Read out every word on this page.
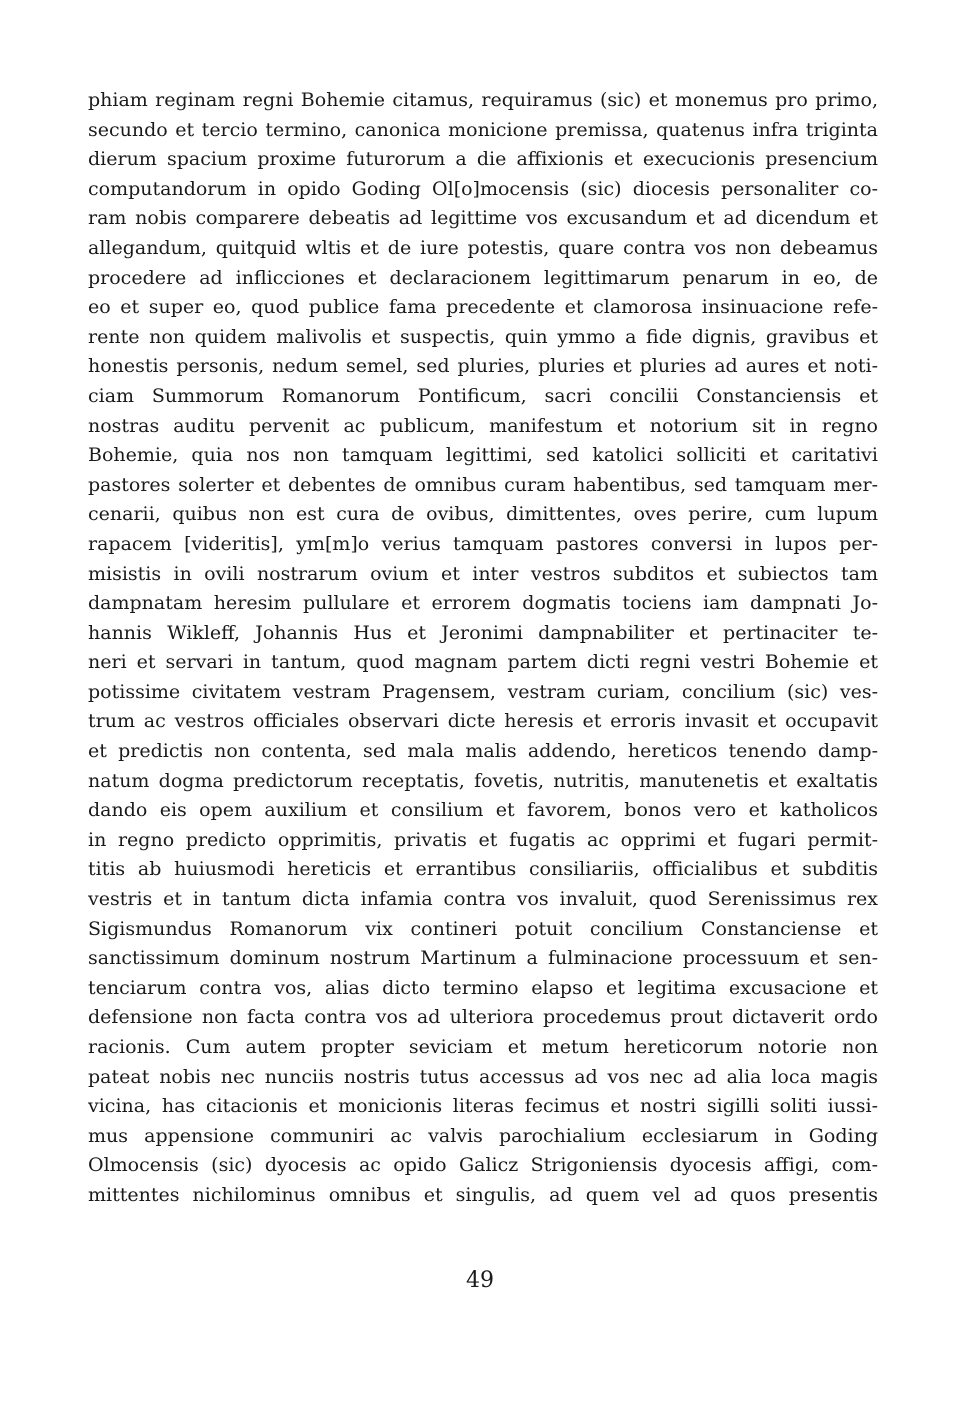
phiam reginam regni Bohemie citamus, requiramus (sic) et monemus pro primo,
secundo et tercio termino, canonica monicione premissa, quatenus infra triginta
dierum spacium proxime futurorum a die affixionis et execucionis presencium
computandorum in opido Goding Ol[o]mocensis (sic) diocesis personaliter co-
ram nobis comparere debeatis ad legittime vos excusandum et ad dicendum et
allegandum, quitquid wltis et de iure potestis, quare contra vos non debeamus
procedere ad inflicciones et declaracionem legittimarum penarum in eo, de
eo et super eo, quod publice fama precedente et clamorosa insinuacione refe-
rente non quidem malivolis et suspectis, quin ymmo a fide dignis, gravibus et
honestis personis, nedum semel, sed pluries, pluries et pluries ad aures et noti-
ciam Summorum Romanorum Pontificum, sacri concilii Constanciensis et
nostras auditu pervenit ac publicum, manifestum et notorium sit in regno
Bohemie, quia nos non tamquam legittimi, sed katolici solliciti et caritativi
pastores solerter et debentes de omnibus curam habentibus, sed tamquam mer-
cenarii, quibus non est cura de ovibus, dimittentes, oves perire, cum lupum
rapacem [videritis], ym[m]o verius tamquam pastores conversi in lupos per-
misistis in ovili nostrarum ovium et inter vestros subditos et subiectos tam
dampnatam heresim pullulare et errorem dogmatis tociens iam dampnati Jo-
hannis Wikleff, Johannis Hus et Jeronimi dampnabiliter et pertinaciter te-
neri et servari in tantum, quod magnam partem dicti regni vestri Bohemie et
potissime civitatem vestram Pragensem, vestram curiam, concilium (sic) ves-
trum ac vestros officiales observari dicte heresis et erroris invasit et occupavit
et predictis non contenta, sed mala malis addendo, hereticos tenendo damp-
natum dogma predictorum receptatis, fovetis, nutritis, manutenetis et exaltatis
dando eis opem auxilium et consilium et favorem, bonos vero et katholicos
in regno predicto opprimitis, privatis et fugatis ac opprimi et fugari permit-
titis ab huiusmodi hereticis et errantibus consiliariis, officialibus et subditis
vestris et in tantum dicta infamia contra vos invaluit, quod Serenissimus rex
Sigismundus Romanorum vix contineri potuit concilium Constanciense et
sanctissimum dominum nostrum Martinum a fulminacione processuum et sen-
tenciarum contra vos, alias dicto termino elapso et legitima excusacione et
defensione non facta contra vos ad ulteriora procedemus prout dictaverit ordo
racionis. Cum autem propter seviciam et metum hereticorum notorie non
pateat nobis nec nunciis nostris tutus accessus ad vos nec ad alia loca magis
vicina, has citacionis et monicionis literas fecimus et nostri sigilli soliti iussi-
mus appensione communiri ac valvis parochialium ecclesiarum in Goding
Olmocensis (sic) dyocesis ac opido Galicz Strigoniensis dyocesis affigi, com-
mittentes nichilominus omnibus et singulis, ad quem vel ad quos presentis
49
